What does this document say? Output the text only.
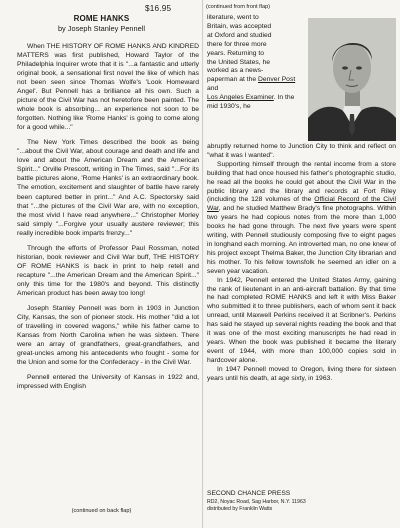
$16.95
ROME HANKS
by Joseph Stanley Pennell

When THE HISTORY OF ROME HANKS AND KINDRED MATTERS was first published, Howard Taylor of the Philadelphia Inquirer wrote that it is "...a fantastic and utterly original book, a sensational first novel the like of which has not been seen since Thomas Wolfe's 'Look Homeward Angel'. But Pennell has a brilliance all his own. Such a picture of the Civil War has not heretofore been painted. The whole book is absorbing... an experience not soon to be forgotten. Nothing like 'Rome Hanks' is going to come along for a good while..."

The New York Times described the book as being "...about the Civil War, about courage and death and life and love and about the American Dream and the American Spirit..." Orville Prescott, writing in The Times, said "...For its battle pictures alone, 'Rome Hanks' is an extraordinary book. The emotion, excitement and slaughter of battle have rarely been captured better in print..." And A.C. Spectorsky said that "...the pictures of the Civil War are, with no exception, the most vivid I have read anywhere..." Christopher Morley said simply "...Forgive your usually austere reviewer; this really incredible book imparts frenzy..."

Through the efforts of Professor Paul Rossman, noted historian, book reviewer and Civil War buff, THE HISTORY OF ROME HANKS is back in print to help retell and recapture "...the American Dream and the American Spirit..." only this time for the 1980's and beyond. This distinctly American product has been away too long!

Joseph Stanley Pennell was born in 1903 in Junction City, Kansas, the son of pioneer stock. His mother "did a lot of travelling in covered wagons," while his father came to Kansas from North Carolina when he was sixteen. There were an array of grandfathers, great-grandfathers, and great-uncles among his antecedents who fought - some for the Union and some for the Confederacy - in the Civil War.

Pennell entered the University of Kansas in 1922 and, impressed with English

(continued on back flap)
(continued from front flap)
literature, went to
Britain, was accepted
at Oxford and studied
there for three more
years. Returning to
the United States, he
worked as a news-
paperman at the Denver Post and
Los Angeles Examiner. In the mid 1930's, he

abruptly returned home to Junction City to think and reflect on "what it was I wanted".

Supporting himself through the rental income from a store building that had once housed his father's photographic studio, he read all the books he could get about the Civil War in the public library and the library and records at Fort Riley (including the 128 volumes of the Official Record of the Civil War, and he studied Matthew Brady's fine photographs. Within two years he had copious notes from the more than 1,000 books he had gone through. The next five years were spent writing, with Pennell studiously composing five to eight pages in longhand each morning. An introverted man, no one knew of his project except Thelma Baker, the Junction City librarian and his mother. To his fellow townsfolk he seemed an idler on a seven year vacation.

In 1942, Pennell entered the United States Army, gaining the rank of lieutenant in an anti-aircraft battalion. By that time he had completed ROME HANKS and left it with Miss Baker who submitted it to three publishers, each of whom sent it back unread, until Maxwell Perkins received it at Scribner's. Perkins has said he stayed up several nights reading the book and that it was one of the most exciting manuscripts he had read in years. When the book was published it became the literary event of 1944, with more than 100,000 copies sold in hardcover alone.

In 1947 Pennell moved to Oregon, living there for sixteen years until his death, at age sixty, in 1963.

SECOND CHANCE PRESS
RD2, Noyac Road, Sag Harbor, N.Y. 11963
distributed by Franklin Watts
